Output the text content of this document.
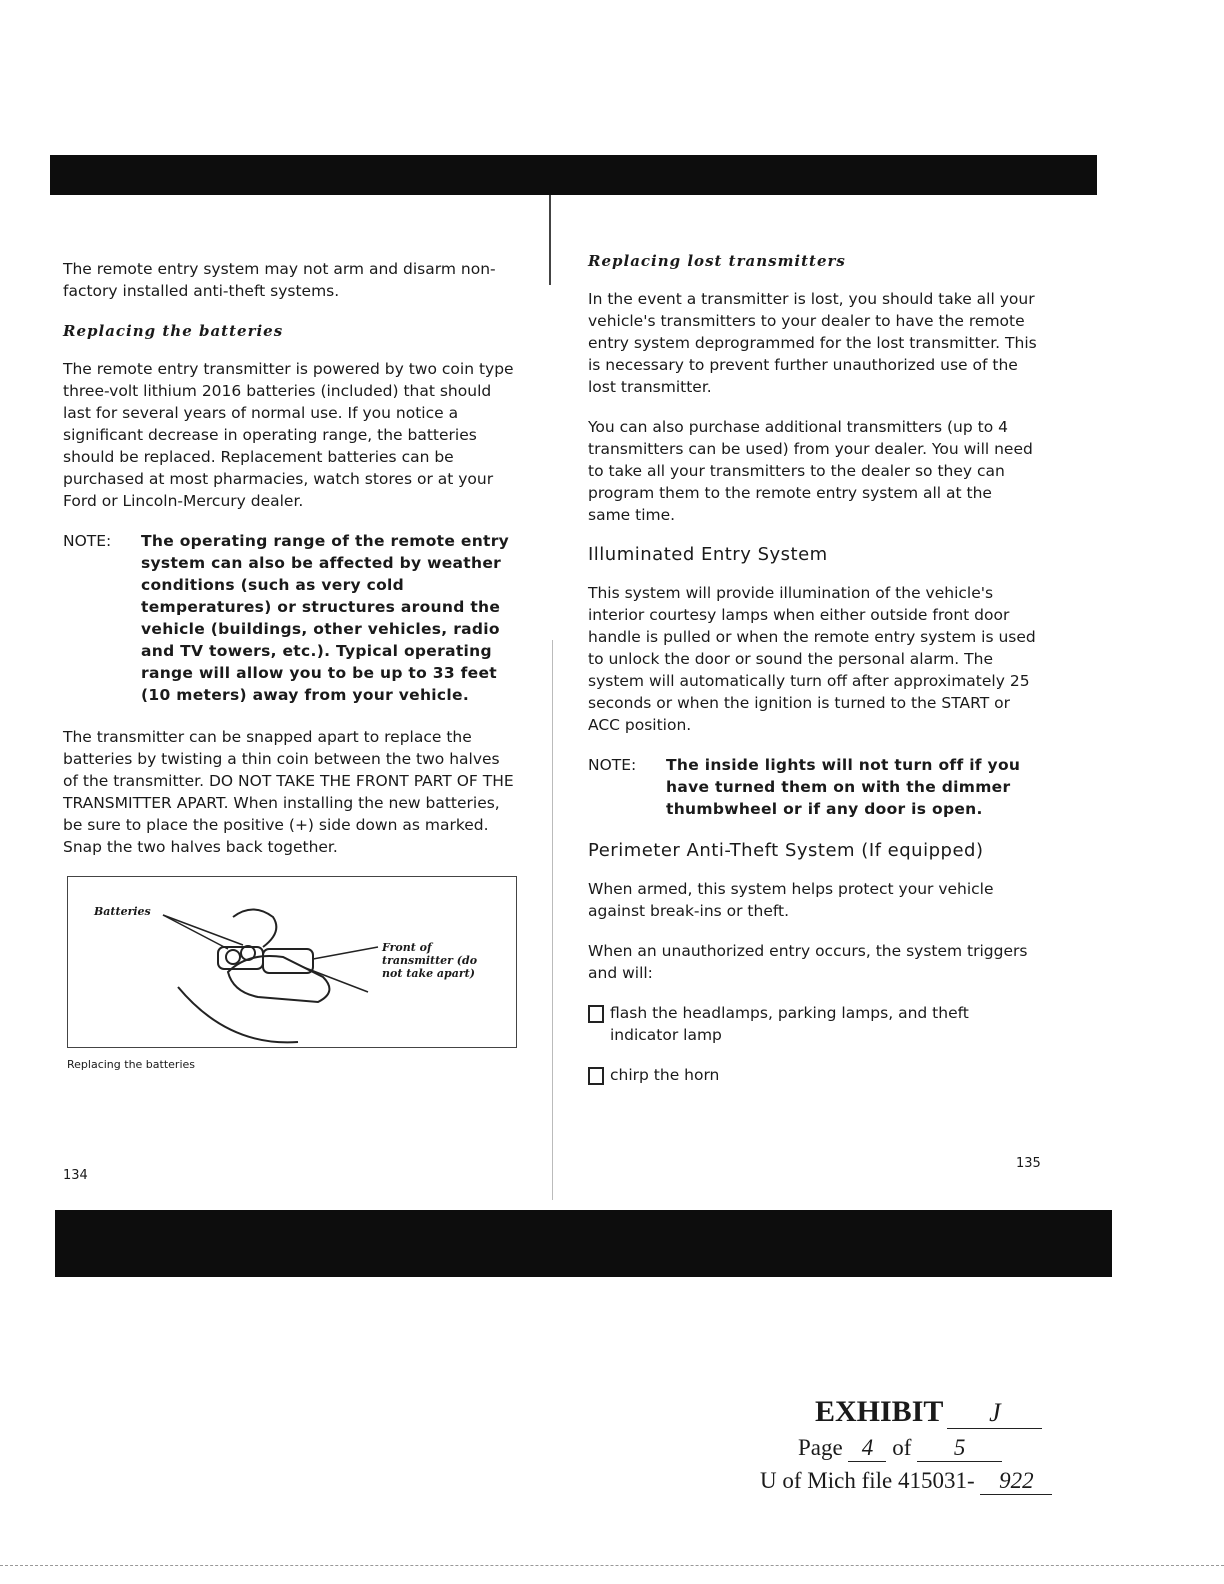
The remote entry system may not arm and disarm non-factory installed anti-theft systems.

Replacing the batteries

The remote entry transmitter is powered by two coin type three-volt lithium 2016 batteries (included) that should last for several years of normal use. If you notice a significant decrease in operating range, the batteries should be replaced. Replacement batteries can be purchased at most pharmacies, watch stores or at your Ford or Lincoln-Mercury dealer.

NOTE:	The operating range of the remote entry system can also be affected by weather conditions (such as very cold temperatures) or structures around the vehicle (buildings, other vehicles, radio and TV towers, etc.). Typical operating range will allow you to be up to 33 feet (10 meters) away from your vehicle.

The transmitter can be snapped apart to replace the batteries by twisting a thin coin between the two halves of the transmitter. DO NOT TAKE THE FRONT PART OF THE TRANSMITTER APART. When installing the new batteries, be sure to place the positive (+) side down as marked. Snap the two halves back together.

Batteries
Front of transmitter (do not take apart)
Replacing the batteries
134
Replacing lost transmitters

In the event a transmitter is lost, you should take all your vehicle's transmitters to your dealer to have the remote entry system deprogrammed for the lost transmitter. This is necessary to prevent further unauthorized use of the lost transmitter.

You can also purchase additional transmitters (up to 4 transmitters can be used) from your dealer. You will need to take all your transmitters to the dealer so they can program them to the remote entry system all at the same time.

Illuminated Entry System

This system will provide illumination of the vehicle's interior courtesy lamps when either outside front door handle is pulled or when the remote entry system is used to unlock the door or sound the personal alarm. The system will automatically turn off after approximately 25 seconds or when the ignition is turned to the START or ACC position.

NOTE:	The inside lights will not turn off if you have turned them on with the dimmer thumbwheel or if any door is open.
Perimeter Anti-Theft System (If equipped)

When armed, this system helps protect your vehicle against break-ins or theft.

When an unauthorized entry occurs, the system triggers and will:

flash the headlamps, parking lamps, and theft indicator lamp
chirp the horn
135
EXHIBIT J
Page 4 of 5
U of Mich file 415031- 922
